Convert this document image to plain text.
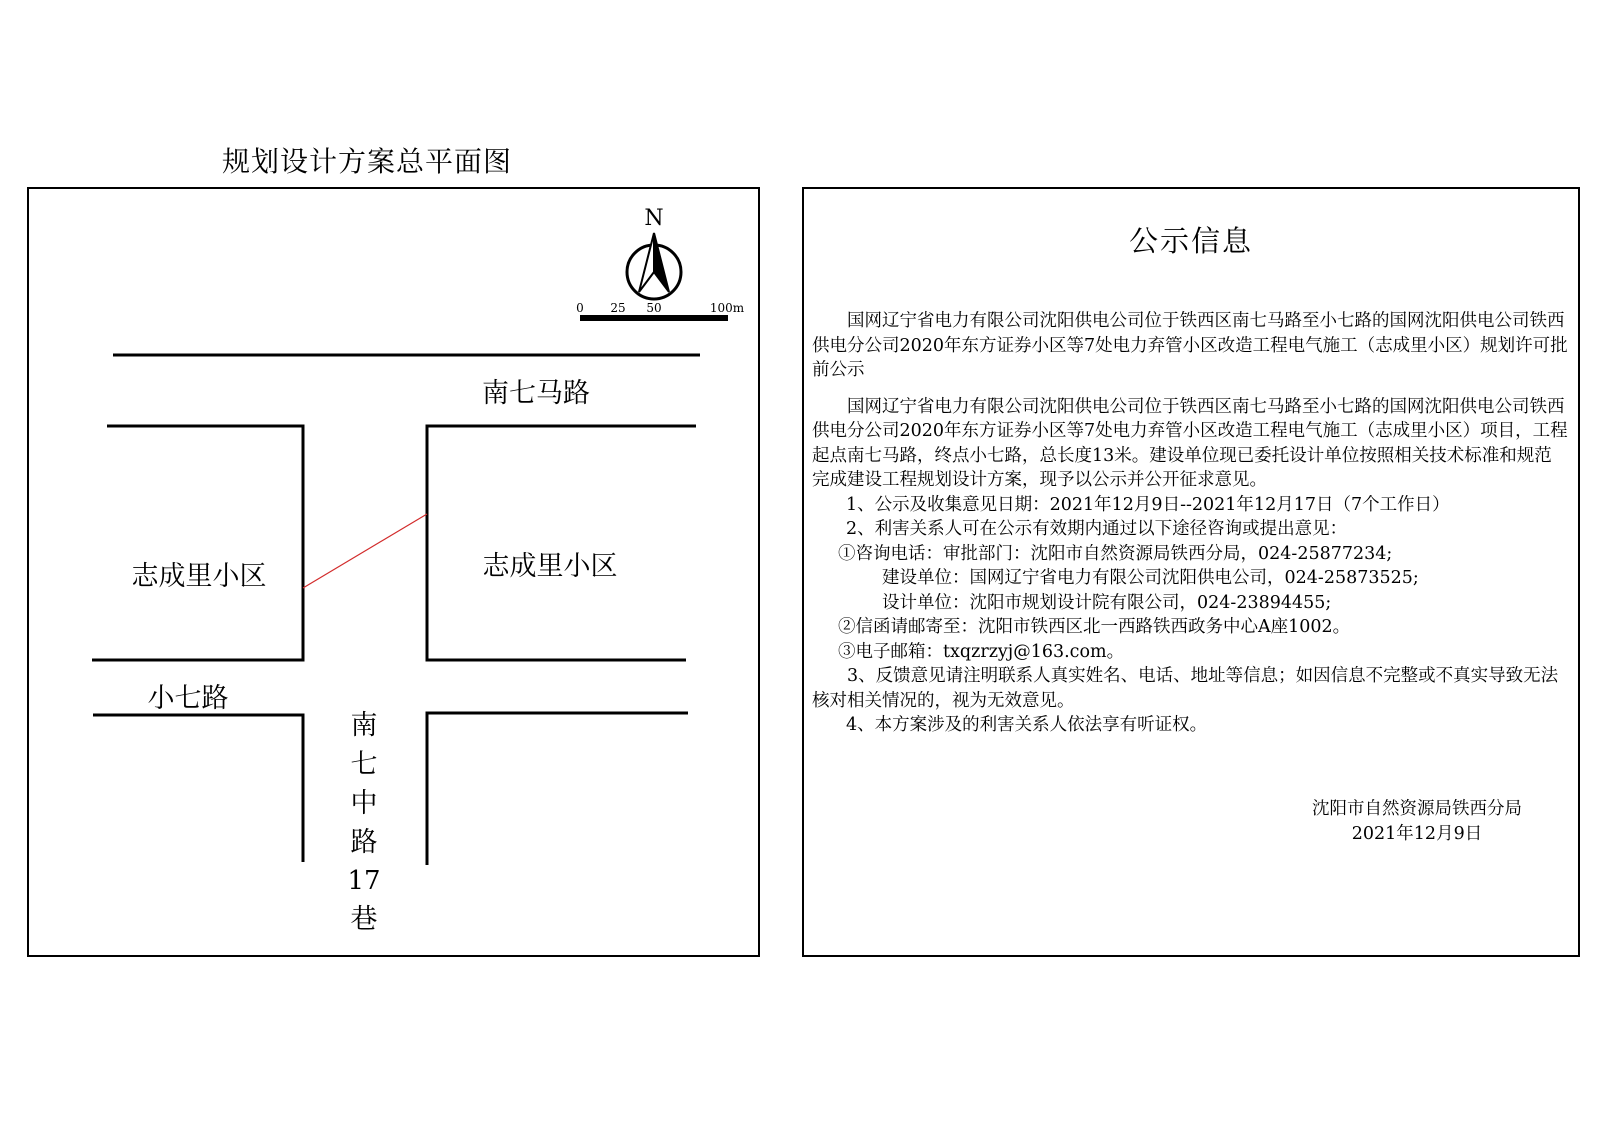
规划设计方案总平面图
N
0 25 50	100m
南七马路
志成里小区	志成里小区
小七路
南
七
中
路
17
巷
公示信息

国网辽宁省电力有限公司沈阳供电公司位于铁西区南七马路至小七路的国网沈阳供电公司铁西供电分公司2020年东方证券小区等7处电力弃管小区改造工程电气施工（志成里小区）规划许可批前公示

国网辽宁省电力有限公司沈阳供电公司位于铁西区南七马路至小七路的国网沈阳供电公司铁西供电分公司2020年东方证券小区等7处电力弃管小区改造工程电气施工（志成里小区）项目，工程起点南七马路，终点小七路，总长度13米。建设单位现已委托设计单位按照相关技术标准和规范完成建设工程规划设计方案，现予以公示并公开征求意见。

1、公示及收集意见日期：2021年12月9日--2021年12月17日（7个工作日）

2、利害关系人可在公示有效期内通过以下途径咨询或提出意见：

①咨询电话：审批部门：沈阳市自然资源局铁西分局，024-25877234;

建设单位：国网辽宁省电力有限公司沈阳供电公司，024-25873525;

设计单位：沈阳市规划设计院有限公司，024-23894455;

②信函请邮寄至：沈阳市铁西区北一西路铁西政务中心A座1002。

③电子邮箱：txqzrzyj@163.com。

3、反馈意见请注明联系人真实姓名、电话、地址等信息；如因信息不完整或不真实导致无法核对相关情况的，视为无效意见。

4、本方案涉及的利害关系人依法享有听证权。

沈阳市自然资源局铁西分局
2021年12月9日
